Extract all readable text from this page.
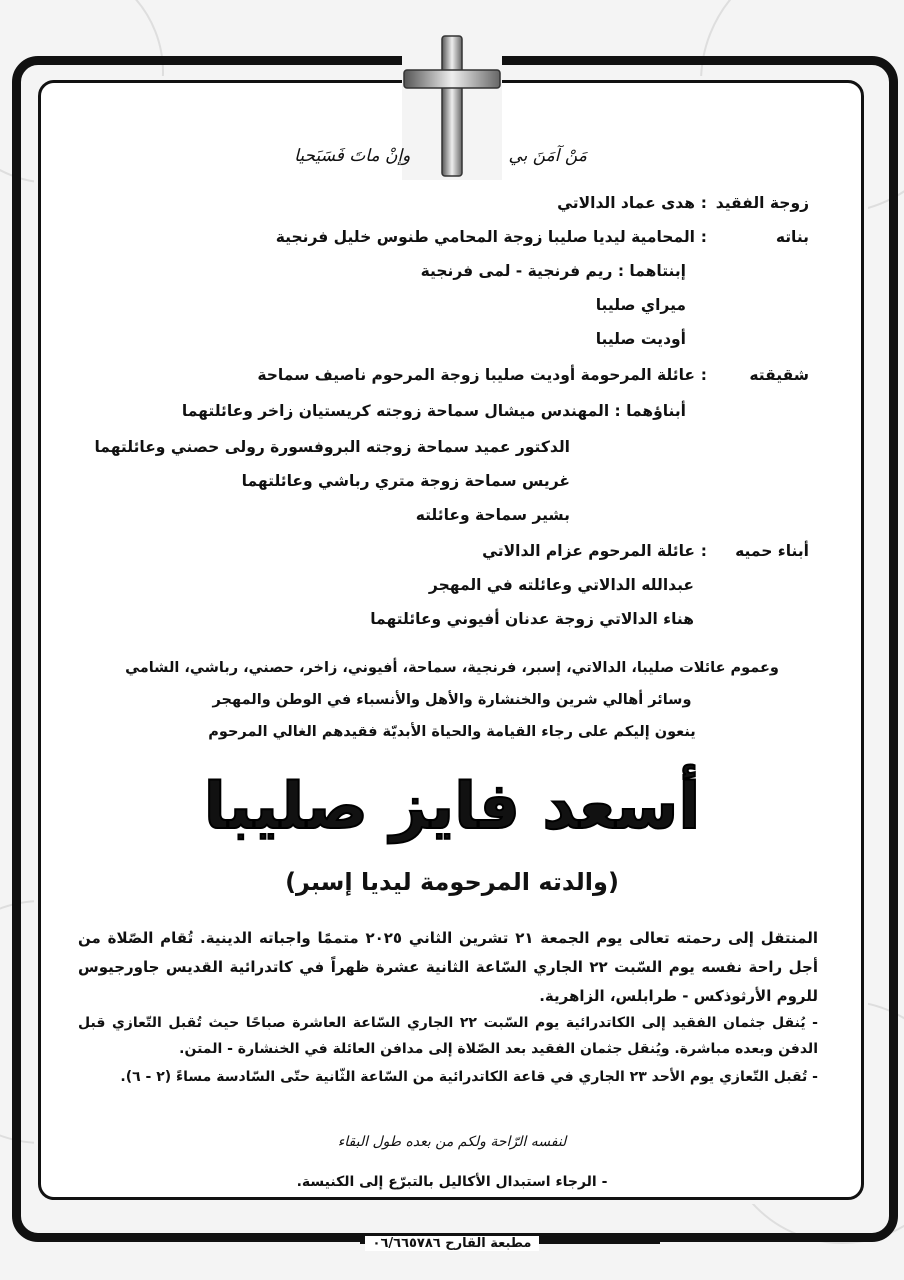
مَنْ آمَنَ بي وإنْ ماتَ فَسَيَحيا
زوجة الفقيد
:
هدى عماد الدالاتي
بناته
:
المحامية ليديا صليبا زوجة المحامي طنوس خليل فرنجية
إبنتاهما : ريم فرنجية - لمى فرنجية
ميراي صليبا
أوديت صليبا
شقيقته
:
عائلة المرحومة أوديت صليبا زوجة المرحوم ناصيف سماحة
أبناؤهما : المهندس ميشال سماحة زوجته كريستيان زاخر وعائلتهما
الدكتور عميد سماحة زوجته البروفسورة رولى حصني وعائلتهما
غريس سماحة زوجة متري رباشي وعائلتهما
بشير سماحة وعائلته
أبناء حميه
:
عائلة المرحوم عزام الدالاتي
عبدالله الدالاتي وعائلته في المهجر
هناء الدالاتي زوجة عدنان أفيوني وعائلتهما
وعموم عائلات صليبا، الدالاتي، إسبر، فرنجية، سماحة، أفيوني، زاخر، حصني، رباشي، الشامي
وسائر أهالي شرين والخنشارة والأهل والأنسباء في الوطن والمهجر
ينعون إليكم على رجاء القيامة والحياة الأبديّة فقيدهم الغالي المرحوم
أسعد فايز صليبا
(والدته المرحومة ليديا إسبر)
المنتقل إلى رحمته تعالى يوم الجمعة ٢١ تشرين الثاني ٢٠٢٥ متممًا واجباته الدينية. تُقام الصّلاة من أجل راحة نفسه يوم السّبت ٢٢ الجاري السّاعة الثانية عشرة ظهراً في كاتدرائية القديس جاورجيوس للروم الأرثوذكس - طرابلس، الزاهرية.
- يُنقل جثمان الفقيد إلى الكاتدرائية يوم السّبت ٢٢ الجاري السّاعة العاشرة صباحًا حيث تُقبل التّعازي قبل الدفن وبعده مباشرة. ويُنقل جثمان الفقيد بعد الصّلاة إلى مدافن العائلة في الخنشارة - المتن.
- تُقبل التّعازي يوم الأحد ٢٣ الجاري في قاعة الكاتدرائية من السّاعة الثّانية حتّى السّادسة مساءً (٢ - ٦).
لنفسه الرّاحة ولكم من بعده طول البقاء
- الرجاء استبدال الأكاليل بالتبرّع إلى الكنيسة.
مطبعة القارح ٠٦/٦٦٥٧٨٦
